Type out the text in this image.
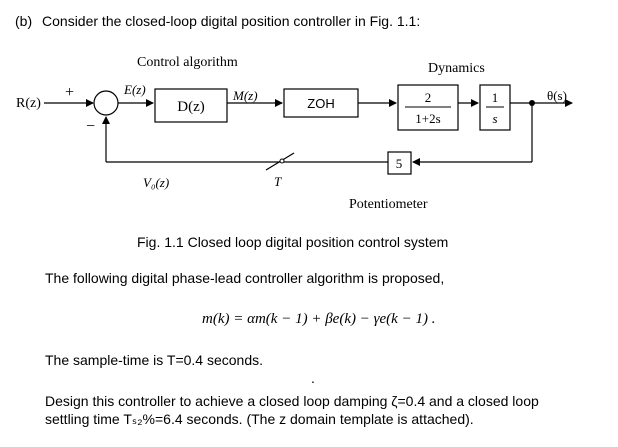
(b) Consider the closed-loop digital position controller in Fig. 1.1:
Control algorithm	Dynamics
R(z)
+
−
E(z)
D(z)
M(z)
ZOH	2
1+2s
1
s
θ(s)
5
T
V₀(z)
Potentiometer
Fig. 1.1 Closed loop digital position control system
The following digital phase-lead controller algorithm is proposed,
m(k) = αm(k − 1) + βe(k) − γe(k − 1) .
The sample-time is T=0.4 seconds.
.
Design this controller to achieve a closed loop damping ζ=0.4 and a closed loop
settling time Tₛ₂%=6.4 seconds. (The z domain template is attached).
